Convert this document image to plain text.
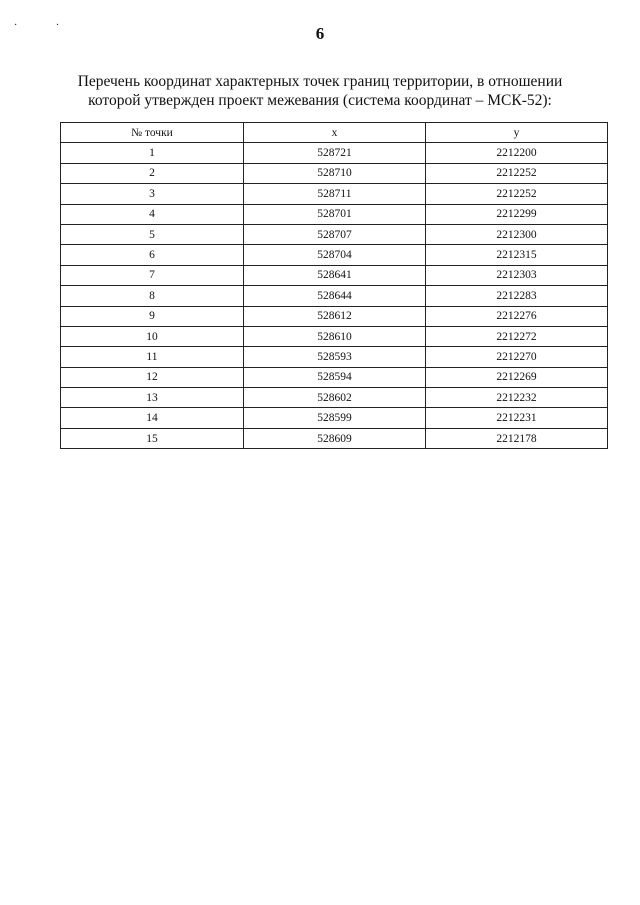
· ·	6
Перечень координат характерных точек границ территории, в отношении
которой утвержден проект межевания (система координат – МСК-52):
№ точки	x	y
1	528721	2212200
2	528710	2212252
3	528711	2212252
4	528701	2212299
5	528707	2212300
6	528704	2212315
7	528641	2212303
8	528644	2212283
9	528612	2212276
10	528610	2212272
11	528593	2212270
12	528594	2212269
13	528602	2212232
14	528599	2212231
15	528609	2212178
